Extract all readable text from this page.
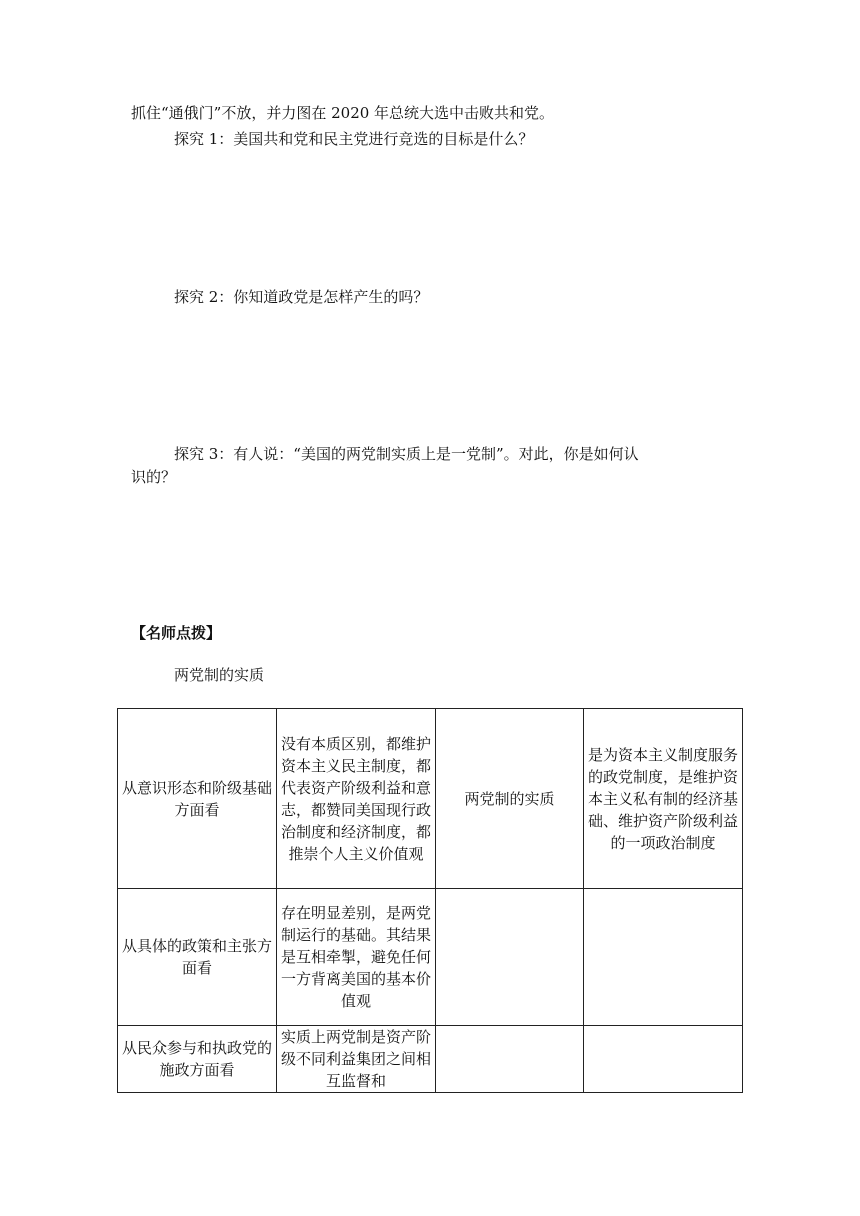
抓住“通俄门”不放，并力图在 2020 年总统大选中击败共和党。
探究 1：美国共和党和民主党进行竞选的目标是什么？
探究 2：你知道政党是怎样产生的吗？
探究 3：有人说：“美国的两党制实质上是一党制”。对此，你是如何认
识的？
【名师点拨】
两党制的实质
从意识形态和阶级基础方面看	没有本质区别，都维护资本主义民主制度，都代表资产阶级利益和意志，都赞同美国现行政治制度和经济制度，都推崇个人主义价值观	两党制的实质	是为资本主义制度服务的政党制度，是维护资本主义私有制的经济基础、维护资产阶级利益的一项政治制度
从具体的政策和主张方面看	存在明显差别，是两党制运行的基础。其结果是互相牵掣，避免任何一方背离美国的基本价值观		
从民众参与和执政党的施政方面看	实质上两党制是资产阶级不同利益集团之间相互监督和		
